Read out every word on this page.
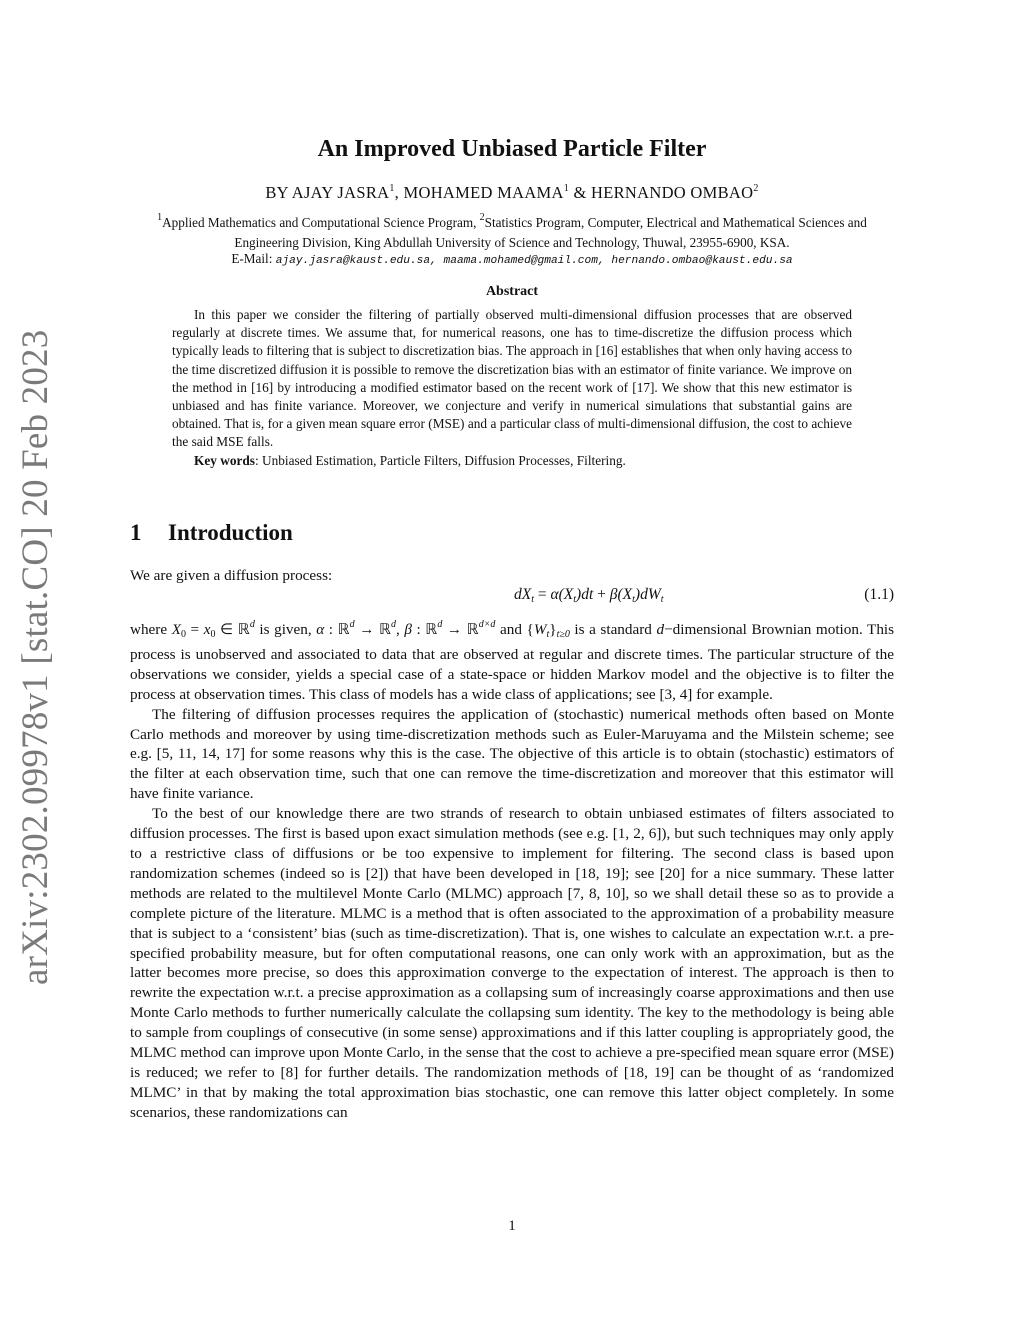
arXiv:2302.09978v1 [stat.CO] 20 Feb 2023
An Improved Unbiased Particle Filter
BY AJAY JASRA$^1$, MOHAMED MAAMA$^1$ & HERNANDO OMBAO$^2$
$^1$Applied Mathematics and Computational Science Program, $^2$Statistics Program, Computer, Electrical and Mathematical Sciences and Engineering Division, King Abdullah University of Science and Technology, Thuwal, 23955-6900, KSA.
E-Mail: ajay.jasra@kaust.edu.sa, maama.mohamed@gmail.com, hernando.ombao@kaust.edu.sa
Abstract

In this paper we consider the filtering of partially observed multi-dimensional diffusion processes that are observed regularly at discrete times. We assume that, for numerical reasons, one has to time-discretize the diffusion process which typically leads to filtering that is subject to discretization bias. The approach in [16] establishes that when only having access to the time discretized diffusion it is possible to remove the discretization bias with an estimator of finite variance. We improve on the method in [16] by introducing a modified estimator based on the recent work of [17]. We show that this new estimator is unbiased and has finite variance. Moreover, we conjecture and verify in numerical simulations that substantial gains are obtained. That is, for a given mean square error (MSE) and a particular class of multi-dimensional diffusion, the cost to achieve the said MSE falls.

Key words: Unbiased Estimation, Particle Filters, Diffusion Processes, Filtering.

1 Introduction
We are given a diffusion process:
$dX_t = \alpha(X_t)dt + \beta(X_t)dW_t$	(1.1)

where $X_0 = x_0$ ∈ ℝ$^d$ is given, α : ℝ$^d$ → ℝ$^d$, β : ℝ$^d$ → ℝ$^{d\times d}$ and $\{W_t\}_{t\ge 0}$ is a standard d−dimensional Brownian motion. This process is unobserved and associated to data that are observed at regular and discrete times. The particular structure of the observations we consider, yields a special case of a state-space or hidden Markov model and the objective is to filter the process at observation times. This class of models has a wide class of applications; see [3, 4] for example.

The filtering of diffusion processes requires the application of (stochastic) numerical methods often based on Monte Carlo methods and moreover by using time-discretization methods such as Euler-Maruyama and the Milstein scheme; see e.g. [5, 11, 14, 17] for some reasons why this is the case. The objective of this article is to obtain (stochastic) estimators of the filter at each observation time, such that one can remove the time-discretization and moreover that this estimator will have finite variance.

To the best of our knowledge there are two strands of research to obtain unbiased estimates of filters associated to diffusion processes. The first is based upon exact simulation methods (see e.g. [1, 2, 6]), but such techniques may only apply to a restrictive class of diffusions or be too expensive to implement for filtering. The second class is based upon randomization schemes (indeed so is [2]) that have been developed in [18, 19]; see [20] for a nice summary. These latter methods are related to the multilevel Monte Carlo (MLMC) approach [7, 8, 10], so we shall detail these so as to provide a complete picture of the literature. MLMC is a method that is often associated to the approximation of a probability measure that is subject to a ‘consistent’ bias (such as time-discretization). That is, one wishes to calculate an expectation w.r.t. a pre-specified probability measure, but for often computational reasons, one can only work with an approximation, but as the latter becomes more precise, so does this approximation converge to the expectation of interest. The approach is then to rewrite the expectation w.r.t. a precise approximation as a collapsing sum of increasingly coarse approximations and then use Monte Carlo methods to further numerically calculate the collapsing sum identity. The key to the methodology is being able to sample from couplings of consecutive (in some sense) approximations and if this latter coupling is appropriately good, the MLMC method can improve upon Monte Carlo, in the sense that the cost to achieve a pre-specified mean square error (MSE) is reduced; we refer to [8] for further details. The randomization methods of [18, 19] can be thought of as ‘randomized MLMC’ in that by making the total approximation bias stochastic, one can remove this latter object completely. In some scenarios, these randomizations can

1
